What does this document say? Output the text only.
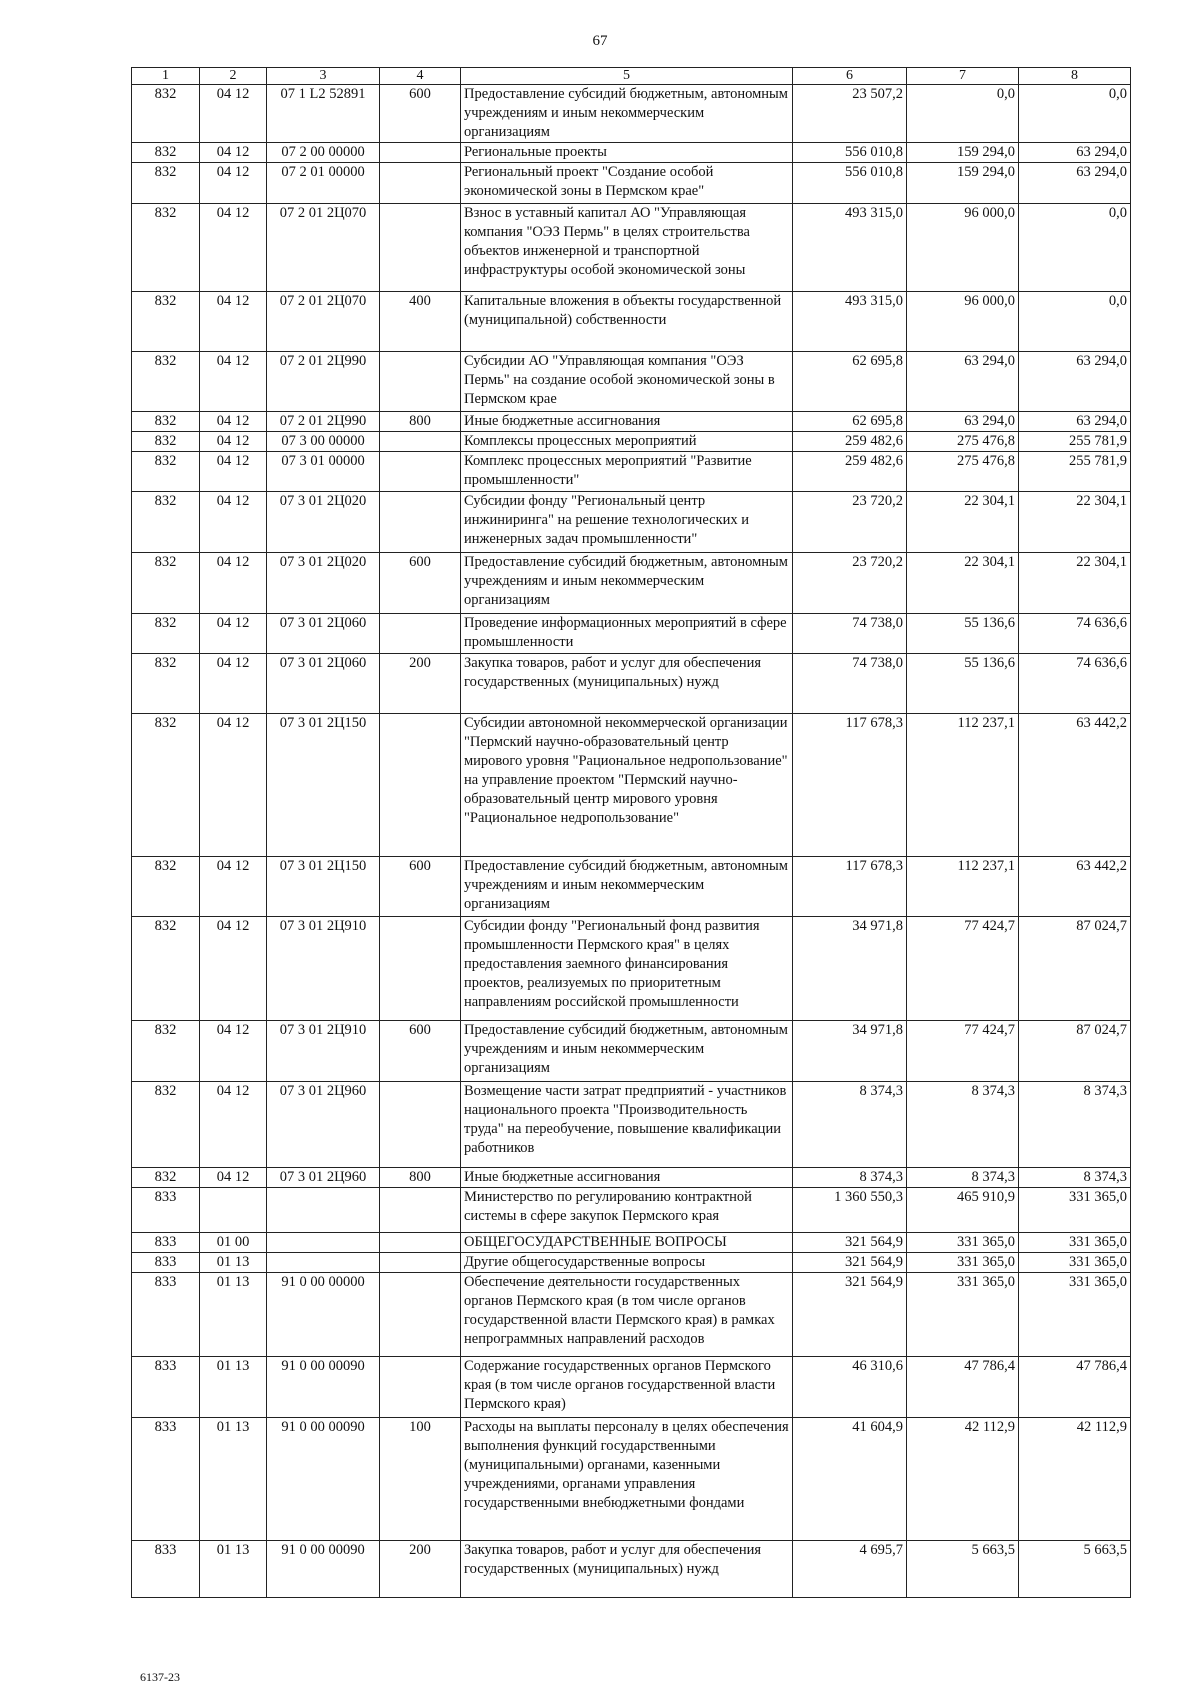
67
1	2	3	4	5	6	7	8
832	04 12	07 1 L2 52891	600	Предоставление субсидий бюджетным, автономным учреждениям и иным некоммерческим организациям	23 507,2	0,0	0,0
832	04 12	07 2 00 00000		Региональные проекты	556 010,8	159 294,0	63 294,0
832	04 12	07 2 01 00000		Региональный проект "Создание особой экономической зоны в Пермском крае"	556 010,8	159 294,0	63 294,0
832	04 12	07 2 01 2Ц070		Взнос в уставный капитал АО "Управляющая компания "ОЭЗ Пермь" в целях строительства объектов инженерной и транспортной инфраструктуры особой экономической зоны	493 315,0	96 000,0	0,0
832	04 12	07 2 01 2Ц070	400	Капитальные вложения в объекты государственной (муниципальной) собственности	493 315,0	96 000,0	0,0
832	04 12	07 2 01 2Ц990		Субсидии АО "Управляющая компания "ОЭЗ Пермь" на создание особой экономической зоны в Пермском крае	62 695,8	63 294,0	63 294,0
832	04 12	07 2 01 2Ц990	800	Иные бюджетные ассигнования	62 695,8	63 294,0	63 294,0
832	04 12	07 3 00 00000		Комплексы процессных мероприятий	259 482,6	275 476,8	255 781,9
832	04 12	07 3 01 00000		Комплекс процессных мероприятий "Развитие промышленности"	259 482,6	275 476,8	255 781,9
832	04 12	07 3 01 2Ц020		Субсидии фонду "Региональный центр инжиниринга" на решение технологических и инженерных задач промышленности"	23 720,2	22 304,1	22 304,1
832	04 12	07 3 01 2Ц020	600	Предоставление субсидий бюджетным, автономным учреждениям и иным некоммерческим организациям	23 720,2	22 304,1	22 304,1
832	04 12	07 3 01 2Ц060		Проведение информационных мероприятий в сфере промышленности	74 738,0	55 136,6	74 636,6
832	04 12	07 3 01 2Ц060	200	Закупка товаров, работ и услуг для обеспечения государственных (муниципальных) нужд	74 738,0	55 136,6	74 636,6
832	04 12	07 3 01 2Ц150		Субсидии автономной некоммерческой организации "Пермский научно-образовательный центр мирового уровня "Рациональное недропользование" на управление проектом "Пермский научно-образовательный центр мирового уровня "Рациональное недропользование"	117 678,3	112 237,1	63 442,2
832	04 12	07 3 01 2Ц150	600	Предоставление субсидий бюджетным, автономным учреждениям и иным некоммерческим организациям	117 678,3	112 237,1	63 442,2
832	04 12	07 3 01 2Ц910		Субсидии фонду "Региональный фонд развития промышленности Пермского края" в целях предоставления заемного финансирования проектов, реализуемых по приоритетным направлениям российской промышленности	34 971,8	77 424,7	87 024,7
832	04 12	07 3 01 2Ц910	600	Предоставление субсидий бюджетным, автономным учреждениям и иным некоммерческим организациям	34 971,8	77 424,7	87 024,7
832	04 12	07 3 01 2Ц960		Возмещение части затрат предприятий - участников национального проекта "Производительность труда" на переобучение, повышение квалификации работников	8 374,3	8 374,3	8 374,3
832	04 12	07 3 01 2Ц960	800	Иные бюджетные ассигнования	8 374,3	8 374,3	8 374,3
833				Министерство по регулированию контрактной системы в сфере закупок Пермского края	1 360 550,3	465 910,9	331 365,0
833	01 00			ОБЩЕГОСУДАРСТВЕННЫЕ ВОПРОСЫ	321 564,9	331 365,0	331 365,0
833	01 13			Другие общегосударственные вопросы	321 564,9	331 365,0	331 365,0
833	01 13	91 0 00 00000		Обеспечение деятельности государственных органов Пермского края (в том числе органов государственной власти Пермского края) в рамках непрограммных направлений расходов	321 564,9	331 365,0	331 365,0
833	01 13	91 0 00 00090		Содержание государственных органов Пермского края (в том числе органов государственной власти Пермского края)	46 310,6	47 786,4	47 786,4
833	01 13	91 0 00 00090	100	Расходы на выплаты персоналу в целях обеспечения выполнения функций государственными (муниципальными) органами, казенными учреждениями, органами управления государственными внебюджетными фондами	41 604,9	42 112,9	42 112,9
833	01 13	91 0 00 00090	200	Закупка товаров, работ и услуг для обеспечения государственных (муниципальных) нужд	4 695,7	5 663,5	5 663,5
6137-23
